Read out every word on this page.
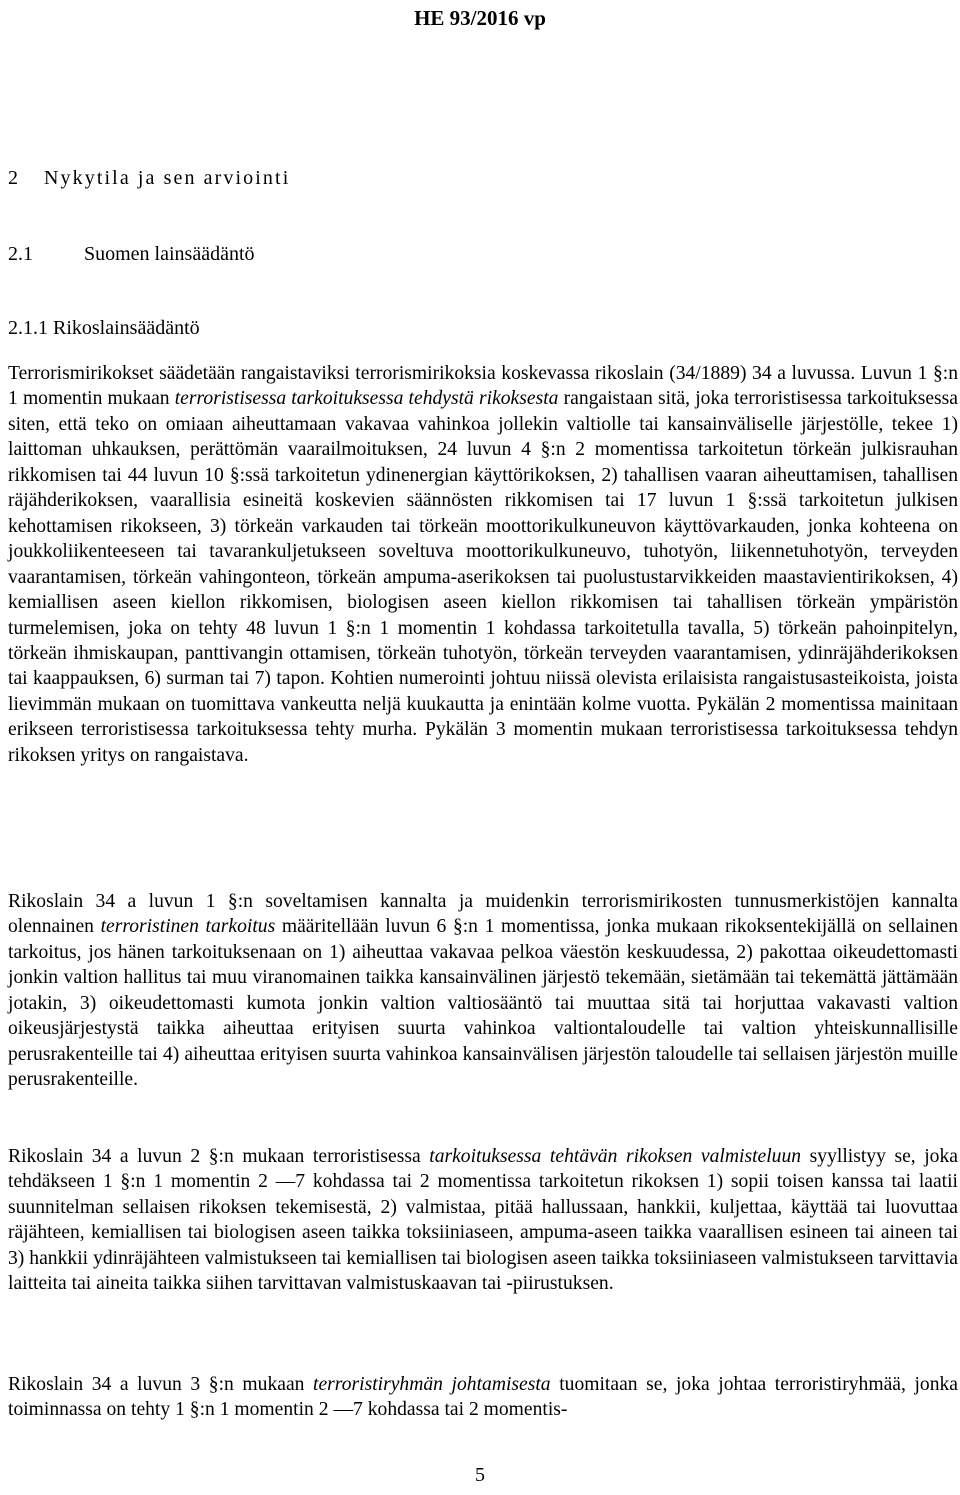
HE 93/2016 vp
2 Nykytila ja sen arviointi
2.1	Suomen lainsäädäntö
2.1.1 Rikoslainsäädäntö

Terrorismirikokset säädetään rangaistaviksi terrorismirikoksia koskevassa rikoslain (34/1889) 34 a luvussa. Luvun 1 §:n 1 momentin mukaan terroristisessa tarkoituksessa tehdystä rikoksesta rangaistaan sitä, joka terroristisessa tarkoituksessa siten, että teko on omiaan aiheuttamaan vakavaa vahinkoa jollekin valtiolle tai kansainväliselle järjestölle, tekee 1) laittoman uhkauksen, perättömän vaarailmoituksen, 24 luvun 4 §:n 2 momentissa tarkoitetun törkeän julkisrauhan rikkomisen tai 44 luvun 10 §:ssä tarkoitetun ydinenergian käyttörikoksen, 2) tahallisen vaaran aiheuttamisen, tahallisen räjähderikoksen, vaarallisia esineitä koskevien säännösten rikkomisen tai 17 luvun 1 §:ssä tarkoitetun julkisen kehottamisen rikokseen, 3) törkeän varkauden tai törkeän moottorikulkuneuvon käyttövarkauden, jonka kohteena on joukkoliikenteeseen tai tavarankuljetukseen soveltuva moottorikulkuneuvo, tuhotyön, liikennetuhotyön, terveyden vaarantamisen, törkeän vahingonteon, törkeän ampuma-aserikoksen tai puolustustarvikkeiden maastavientirikoksen, 4) kemiallisen aseen kiellon rikkomisen, biologisen aseen kiellon rikkomisen tai tahallisen törkeän ympäristön turmelemisen, joka on tehty 48 luvun 1 §:n 1 momentin 1 kohdassa tarkoitetulla tavalla, 5) törkeän pahoinpitelyn, törkeän ihmiskaupan, panttivangin ottamisen, törkeän tuhotyön, törkeän terveyden vaarantamisen, ydinräjähderikoksen tai kaappauksen, 6) surman tai 7) tapon. Kohtien numerointi johtuu niissä olevista erilaisista rangaistusasteikoista, joista lievimmän mukaan on tuomittava vankeutta neljä kuukautta ja enintään kolme vuotta. Pykälän 2 momentissa mainitaan erikseen terroristisessa tarkoituksessa tehty murha. Pykälän 3 momentin mukaan terroristisessa tarkoituksessa tehdyn rikoksen yritys on rangaistava.

Rikoslain 34 a luvun 1 §:n soveltamisen kannalta ja muidenkin terrorismirikosten tunnusmerkistöjen kannalta olennainen terroristinen tarkoitus määritellään luvun 6 §:n 1 momentissa, jonka mukaan rikoksentekijällä on sellainen tarkoitus, jos hänen tarkoituksenaan on 1) aiheuttaa vakavaa pelkoa väestön keskuudessa, 2) pakottaa oikeudettomasti jonkin valtion hallitus tai muu viranomainen taikka kansainvälinen järjestö tekemään, sietämään tai tekemättä jättämään jotakin, 3) oikeudettomasti kumota jonkin valtion valtiosääntö tai muuttaa sitä tai horjuttaa vakavasti valtion oikeusjärjestystä taikka aiheuttaa erityisen suurta vahinkoa valtiontaloudelle tai valtion yhteiskunnallisille perusrakenteille tai 4) aiheuttaa erityisen suurta vahinkoa kansainvälisen järjestön taloudelle tai sellaisen järjestön muille perusrakenteille.

Rikoslain 34 a luvun 2 §:n mukaan terroristisessa tarkoituksessa tehtävän rikoksen valmisteluun syyllistyy se, joka tehdäkseen 1 §:n 1 momentin 2 —7 kohdassa tai 2 momentissa tarkoitetun rikoksen 1) sopii toisen kanssa tai laatii suunnitelman sellaisen rikoksen tekemisestä, 2) valmistaa, pitää hallussaan, hankkii, kuljettaa, käyttää tai luovuttaa räjähteen, kemiallisen tai biologisen aseen taikka toksiiniaseen, ampuma-aseen taikka vaarallisen esineen tai aineen tai 3) hankkii ydinräjähteen valmistukseen tai kemiallisen tai biologisen aseen taikka toksiiniaseen valmistukseen tarvittavia laitteita tai aineita taikka siihen tarvittavan valmistuskaavan tai -piirustuksen.

Rikoslain 34 a luvun 3 §:n mukaan terroristiryhmän johtamisesta tuomitaan se, joka johtaa terroristiryhmää, jonka toiminnassa on tehty 1 §:n 1 momentin 2 —7 kohdassa tai 2 momentis-

5
